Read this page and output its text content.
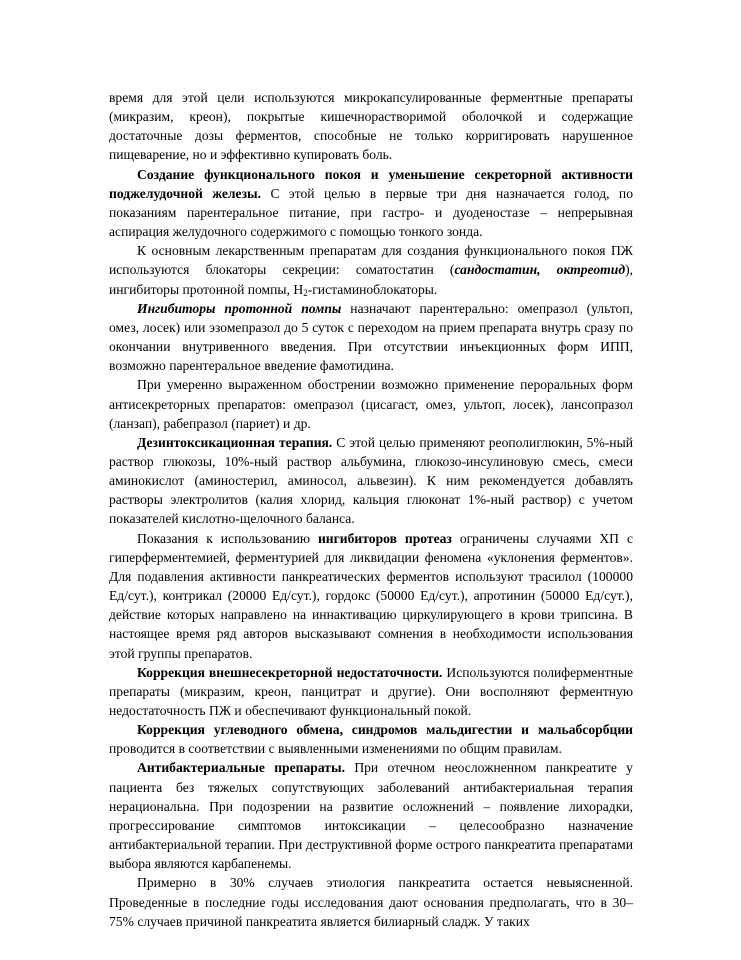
время для этой цели используются микрокапсулированные ферментные препараты (микразим, креон), покрытые кишечнорастворимой оболочкой и содержащие достаточные дозы ферментов, способные не только корригировать нарушенное пищеварение, но и эффективно купировать боль.

Создание функционального покоя и уменьшение секреторной активности поджелудочной железы. С этой целью в первые три дня назначается голод, по показаниям парентеральное питание, при гастро- и дуоденостазе – непрерывная аспирация желудочного содержимого с помощью тонкого зонда.

К основным лекарственным препаратам для создания функционального покоя ПЖ используются блокаторы секреции: соматостатин (сандостатин, октреотид), ингибиторы протонной помпы, $Н_2$-гистаминоблокаторы.

Ингибиторы протонной помпы назначают парентерально: омепразол (ультоп, омез, лосек) или эзомепразол до 5 суток с переходом на прием препарата внутрь сразу по окончании внутривенного введения. При отсутствии инъекционных форм ИПП, возможно парентеральное введение фамотидина.

При умеренно выраженном обострении возможно применение пероральных форм антисекреторных препаратов: омепразол (цисагаст, омез, ультоп, лосек), лансопразол (ланзап), рабепразол (париет) и др.

Дезинтоксикационная терапия. С этой целью применяют реополиглюкин, 5%-ный раствор глюкозы, 10%-ный раствор альбумина, глюкозо-инсулиновую смесь, смеси аминокислот (аминостерил, аминосол, альвезин). К ним рекомендуется добавлять растворы электролитов (калия хлорид, кальция глюконат 1%-ный раствор) с учетом показателей кислотно-щелочного баланса.

Показания к использованию ингибиторов протеаз ограничены случаями ХП с гиперферментемией, ферментурией для ликвидации феномена «уклонения ферментов». Для подавления активности панкреатических ферментов используют трасилол (100000 Ед/сут.), контрикал (20000 Ед/сут.), гордокс (50000 Ед/сут.), апротинин (50000 Ед/сут.), действие которых направлено на иннактивацию циркулирующего в крови трипсина. В настоящее время ряд авторов высказывают сомнения в необходимости использования этой группы препаратов.

Коррекция внешнесекреторной недостаточности. Используются полиферментные препараты (микразим, креон, панцитрат и другие). Они восполняют ферментную недостаточность ПЖ и обеспечивают функциональный покой.

Коррекция углеводного обмена, синдромов мальдигестии и мальабсорбции проводится в соответствии с выявленными изменениями по общим правилам.

Антибактериальные препараты. При отечном неосложненном панкреатите у пациента без тяжелых сопутствующих заболеваний антибактериальная терапия нерациональна. При подозрении на развитие осложнений – появление лихорадки, прогрессирование симптомов интоксикации – целесообразно назначение антибактериальной терапии. При деструктивной форме острого панкреатита препаратами выбора являются карбапенемы.

Примерно в 30% случаев этиология панкреатита остается невыясненной. Проведенные в последние годы исследования дают основания предполагать, что в 30–75% случаев причиной панкреатита является билиарный сладж. У таких
